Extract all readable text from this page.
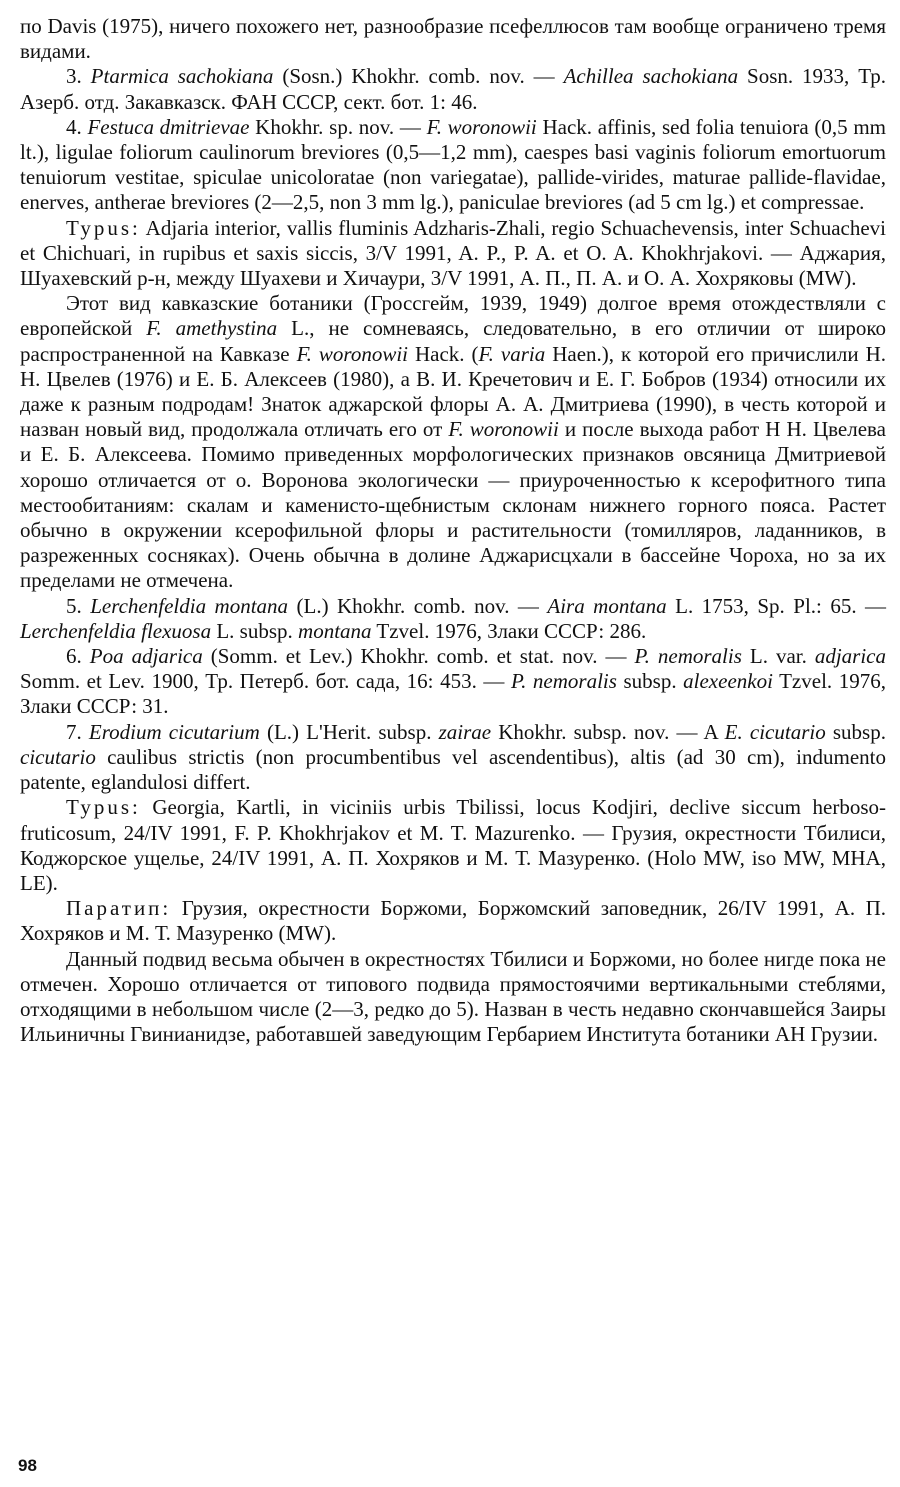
по Davis (1975), ничего похожего нет, разнообразие псефеллюсов там вообще ограничено тремя видами.

3. Ptarmica sachokiana (Sosn.) Khokhr. comb. nov. — Achillea sachokiana Sosn. 1933, Тр. Азерб. отд. Закавказск. ФАН СССР, сект. бот. 1: 46.

4. Festuca dmitrievae Khokhr. sp. nov. — F. woronowii Hack. affinis, sed folia tenuiora (0,5 mm lt.), ligulae foliorum caulinorum breviores (0,5—1,2 mm), caespes basi vaginis foliorum emortuorum tenuiorum vestitae, spiculae unicoloratae (non variegatae), pallide-virides, maturae pallide-flavidae, enerves, antherae breviores (2—2,5, non 3 mm lg.), paniculae breviores (ad 5 cm lg.) et compressae.

Typus: Adjaria interior, vallis fluminis Adzharis-Zhali, regio Schuachevensis, inter Schuachevi et Chichuari, in rupibus et saxis siccis, 3/V 1991, A. P., P. A. et O. A. Khokhrjakovi. — Аджария, Шуахевский р-н, между Шуахеви и Хичаури, 3/V 1991, А. П., П. А. и О. А. Хохряковы (MW).

Этот вид кавказские ботаники (Гроссгейм, 1939, 1949) долгое время отождествляли с европейской F. amethystina L., не сомневаясь, следовательно, в его отличии от широко распространенной на Кавказе F. woronowii Hack. (F. varia Haen.), к которой его причислили Н. Н. Цвелев (1976) и Е. Б. Алексеев (1980), а В. И. Кречетович и Е. Г. Бобров (1934) относили их даже к разным подродам! Знаток аджарской флоры А. А. Дмитриева (1990), в честь которой и назван новый вид, продолжала отличать его от F. woronowii и после выхода работ Н Н. Цвелева и Е. Б. Алексеева. Помимо приведенных морфологических признаков овсяница Дмитриевой хорошо отличается от о. Воронова экологически — приуроченностью к ксерофитного типа местообитаниям: скалам и каменисто-щебнистым склонам нижнего горного пояса. Растет обычно в окружении ксерофильной флоры и растительности (томилляров, ладанников, в разреженных сосняках). Очень обычна в долине Аджарисцхали в бассейне Чороха, но за их пределами не отмечена.

5. Lerchenfeldia montana (L.) Khokhr. comb. nov. — Aira montana L. 1753, Sp. Pl.: 65. — Lerchenfeldia flexuosa L. subsp. montana Tzvel. 1976, Злаки СССР: 286.

6. Poa adjarica (Somm. et Lev.) Khokhr. comb. et stat. nov. — P. nemoralis L. var. adjarica Somm. et Lev. 1900, Тр. Петерб. бот. сада, 16: 453. — P. nemoralis subsp. alexeenkoi Tzvel. 1976, Злаки СССР: 31.

7. Erodium cicutarium (L.) L'Herit. subsp. zairae Khokhr. subsp. nov. — A E. cicutario subsp. cicutario caulibus strictis (non procumbentibus vel ascendentibus), altis (ad 30 cm), indumento patente, eglandulosi differt.

Typus: Georgia, Kartli, in viciniis urbis Tbilissi, locus Kodjiri, declive siccum herboso-fruticosum, 24/IV 1991, F. P. Khokhrjakov et M. T. Mazurenko. — Грузия, окрестности Тбилиси, Коджорское ущелье, 24/IV 1991, А. П. Хохряков и М. Т. Мазуренко. (Holo MW, iso MW, MHA, LE).

Паратип: Грузия, окрестности Боржоми, Боржомский заповедник, 26/IV 1991, А. П. Хохряков и М. Т. Мазуренко (MW).

Данный подвид весьма обычен в окрестностях Тбилиси и Боржоми, но более нигде пока не отмечен. Хорошо отличается от типового подвида прямостоячими вертикальными стеблями, отходящими в небольшом числе (2—3, редко до 5). Назван в честь недавно скончавшейся Заиры Ильиничны Гвинианидзе, работавшей заведующим Гербарием Института ботаники АН Грузии.

98
